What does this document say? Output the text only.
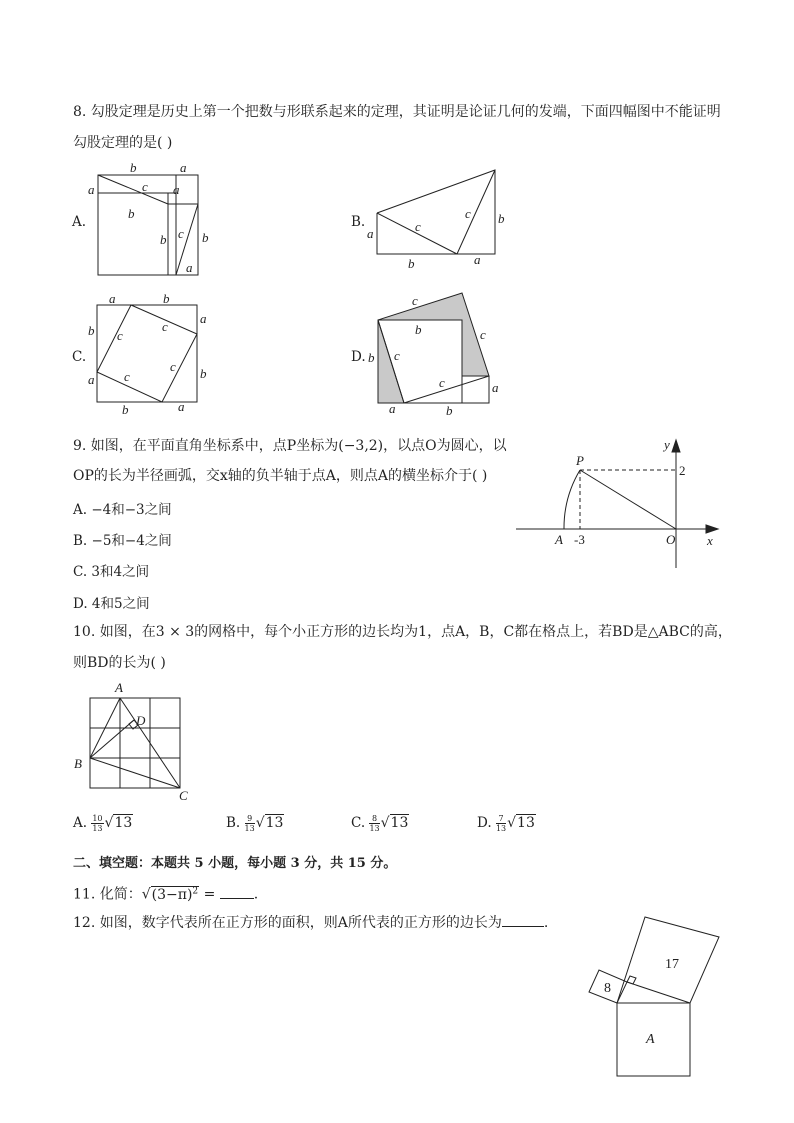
8. 勾股定理是历史上第一个把数与形联系起来的定理，其证明是论证几何的发端，下面四幅图中不能证明
勾股定理的是( )
A.
b	a
a	c a
b
b c b
a
B.
a	c
c b
b	a
C.
a	b
b
a
c
c
c
c
a	b
b	a
D.
c
b	c
b c
c	a
a	b
9. 如图，在平面直角坐标系中，点P坐标为(−3,2)，以点O为圆心，以
OP的长为半径画弧，交x轴的负半轴于点A，则点A的横坐标介于( )
A. −4和−3之间
B. −5和−4之间
C. 3和4之间
D. 4和5之间
P
y
2
A -3	O x
10. 如图，在3 × 3的网格中，每个小正方形的边长均为1，点A，B，C都在格点上，若BD是△ABC的高，
则BD的长为( )
A
D
B
C
A. $\frac{10}{13} √13$	B. $\frac{9}{13} √13$	C. $\frac{8}{13} √13$	D. $\frac{7}{13} √13$
二、填空题：本题共 5 小题，每小题 3 分，共 15 分。
11. 化简：$√(3-\pi)^2$ = .
12. 如图，数字代表所在正方形的面积，则A所代表的正方形的边长为	.
17
8
A
